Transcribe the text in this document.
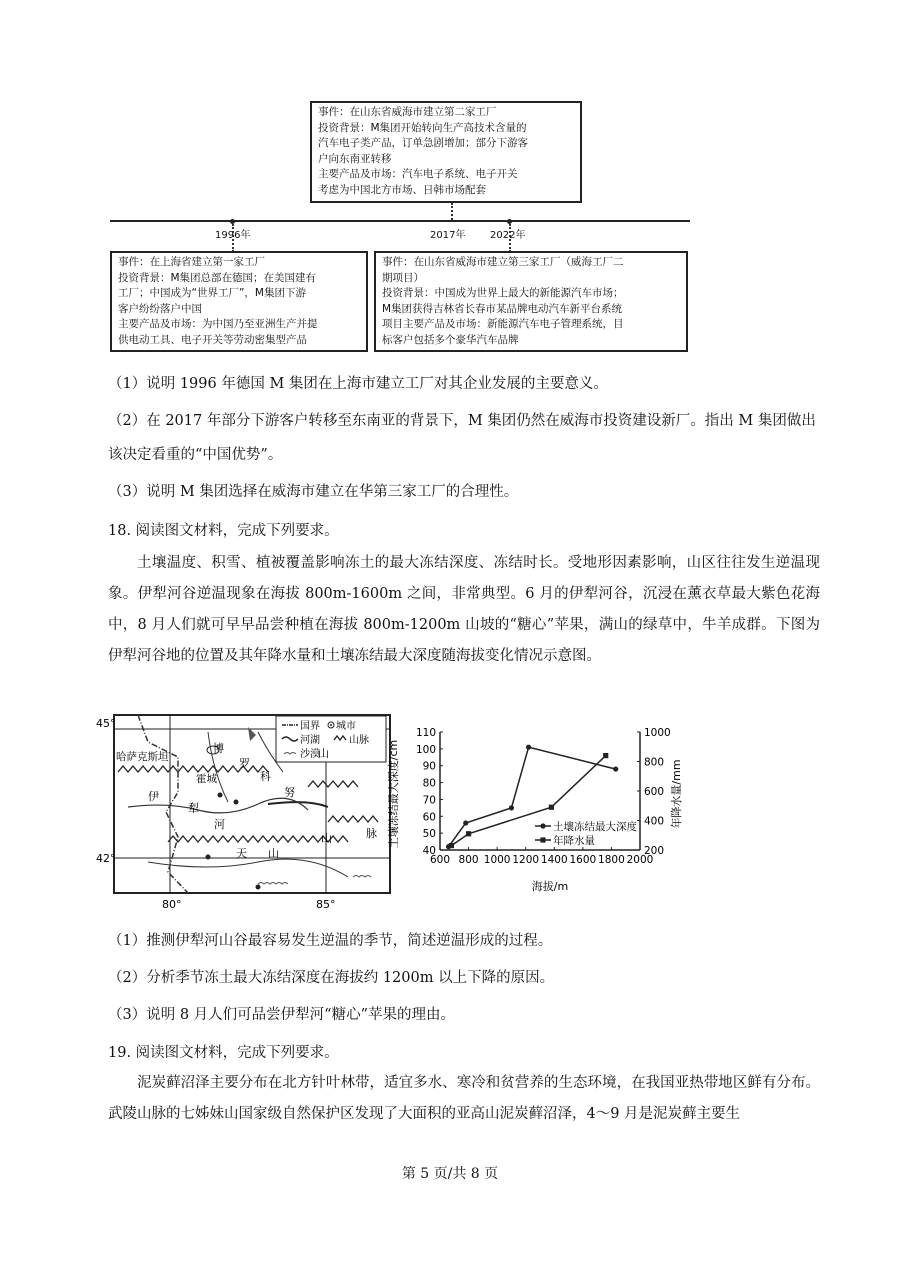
事件：在山东省威海市建立第二家工厂
投资背景：M集团开始转向生产高技术含量的
汽车电子类产品，订单急剧增加；部分下游客
户向东南亚转移
主要产品及市场：汽车电子系统、电子开关
考虑为中国北方市场、日韩市场配套
1996年	2017年 2022年
事件：在上海省建立第一家工厂
投资背景：M集团总部在德国；在美国建有
工厂；中国成为“世界工厂”，M集团下游
客户纷纷落户中国
主要产品及市场：为中国乃至亚洲生产并提
供电动工具、电子开关等劳动密集型产品
事件：在山东省威海市建立第三家工厂（威海工厂二
期项目）
投资背景：中国成为世界上最大的新能源汽车市场；
M集团获得吉林省长春市某品牌电动汽车新平台系统
项目主要产品及市场：新能源汽车电子管理系统，目
标客户包括多个豪华汽车品牌
（1）说明 1996 年德国 M 集团在上海市建立工厂对其企业发展的主要意义。
（2）在 2017 年部分下游客户转移至东南亚的背景下，M 集团仍然在威海市投资建设新厂。指出 M 集团做出
该决定看重的“中国优势”。
（3）说明 M 集团选择在威海市建立在华第三家工厂的合理性。
18. 阅读图文材料，完成下列要求。
土壤温度、积雪、植被覆盖影响冻土的最大冻结深度、冻结时长。受地形因素影响，山区往往发生逆温现象。伊犁河谷逆温现象在海拔 800m-1600m 之间，非常典型。6 月的伊犁河谷，沉浸在薰衣草最大紫色花海中，8 月人们就可早早品尝种植在海拔 800m-1200m 山坡的“糖心”苹果，满山的绿草中，牛羊成群。下图为伊犁河谷地的位置及其年降水量和土壤冻结最大深度随海拔变化情况示意图。
国界 城市
河湖	山脉
沙漠
哈萨克斯坦
博
罗
科
努
霍城
伊
犁
河
天 山
山
山	脉
45°
42°
80°	85°
600 800 1000 1200 1400 1600 1800 2000
40
50
60
70
80
90
100
110
200
400
600
800
1000
土壤冻结最大深度
年降水量
海拔/m
土壤冻结最大深度/cm	年降水量/mm
（1）推测伊犁河山谷最容易发生逆温的季节，简述逆温形成的过程。
（2）分析季节冻土最大冻结深度在海拔约 1200m 以上下降的原因。
（3）说明 8 月人们可品尝伊犁河“糖心”苹果的理由。
19. 阅读图文材料，完成下列要求。
泥炭藓沼泽主要分布在北方针叶林带，适宜多水、寒冷和贫营养的生态环境，在我国亚热带地区鲜有分布。武陵山脉的七姊妹山国家级自然保护区发现了大面积的亚高山泥炭藓沼泽，4～9 月是泥炭藓主要生
第 5 页/共 8 页
